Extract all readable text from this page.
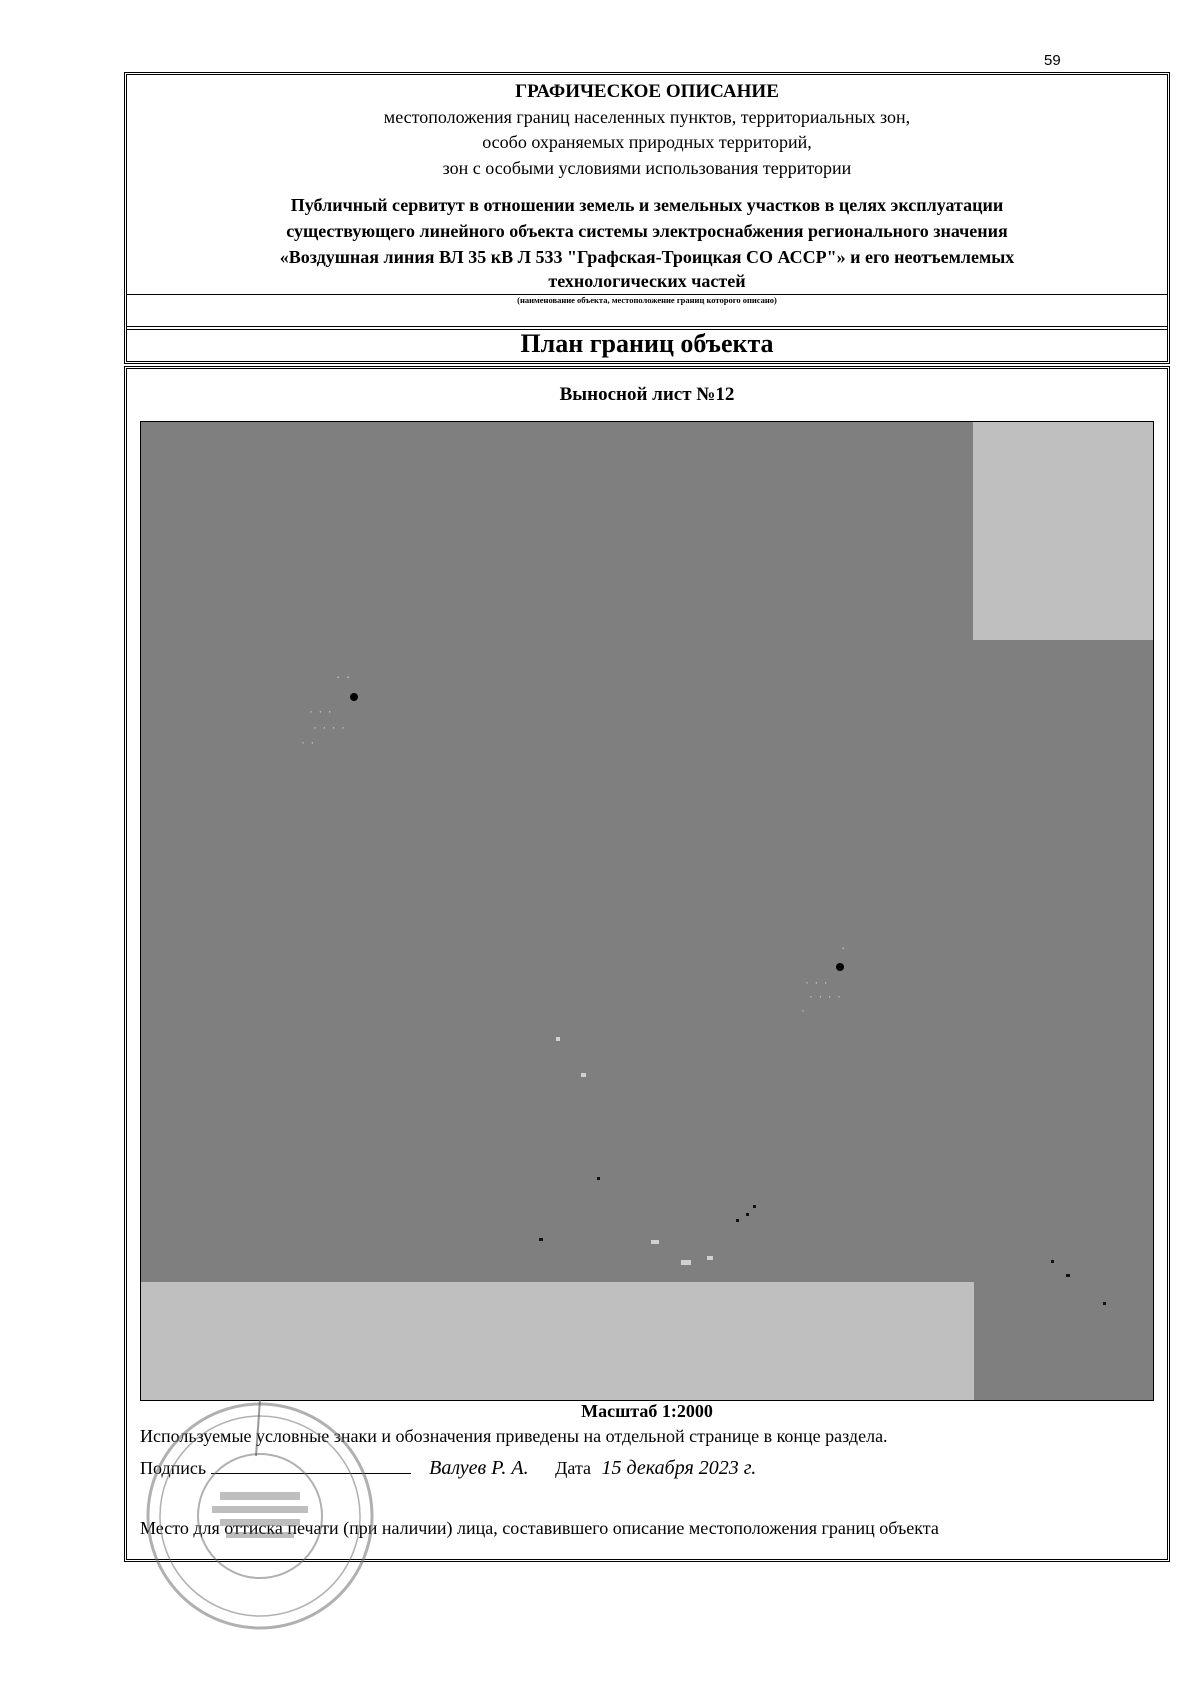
59
ГРАФИЧЕСКОЕ ОПИСАНИЕ
местоположения границ населенных пунктов, территориальных зон,
особо охраняемых природных территорий,
зон с особыми условиями использования территории
Публичный сервитут в отношении земель и земельных участков в целях эксплуатации
существующего линейного объекта системы электроснабжения регионального значения
«Воздушная линия ВЛ 35 кВ Л 533 "Графская-Троицкая СО АССР"» и его неотъемлемых
технологических частей
(наименование объекта, местоположение границ которого описано)
План границ объекта
Выносной лист №12
Масштаб 1:2000
· ·
· · ·
· · · ·
· ·
·
· · ·
· · · ·
·
Используемые условные знаки и обозначения приведены на отдельной странице в конце раздела.
Подпись	Валуев Р. А. Дата 15 декабря 2023 г.
Место для оттиска печати (при наличии) лица, составившего описание местоположения границ объекта
